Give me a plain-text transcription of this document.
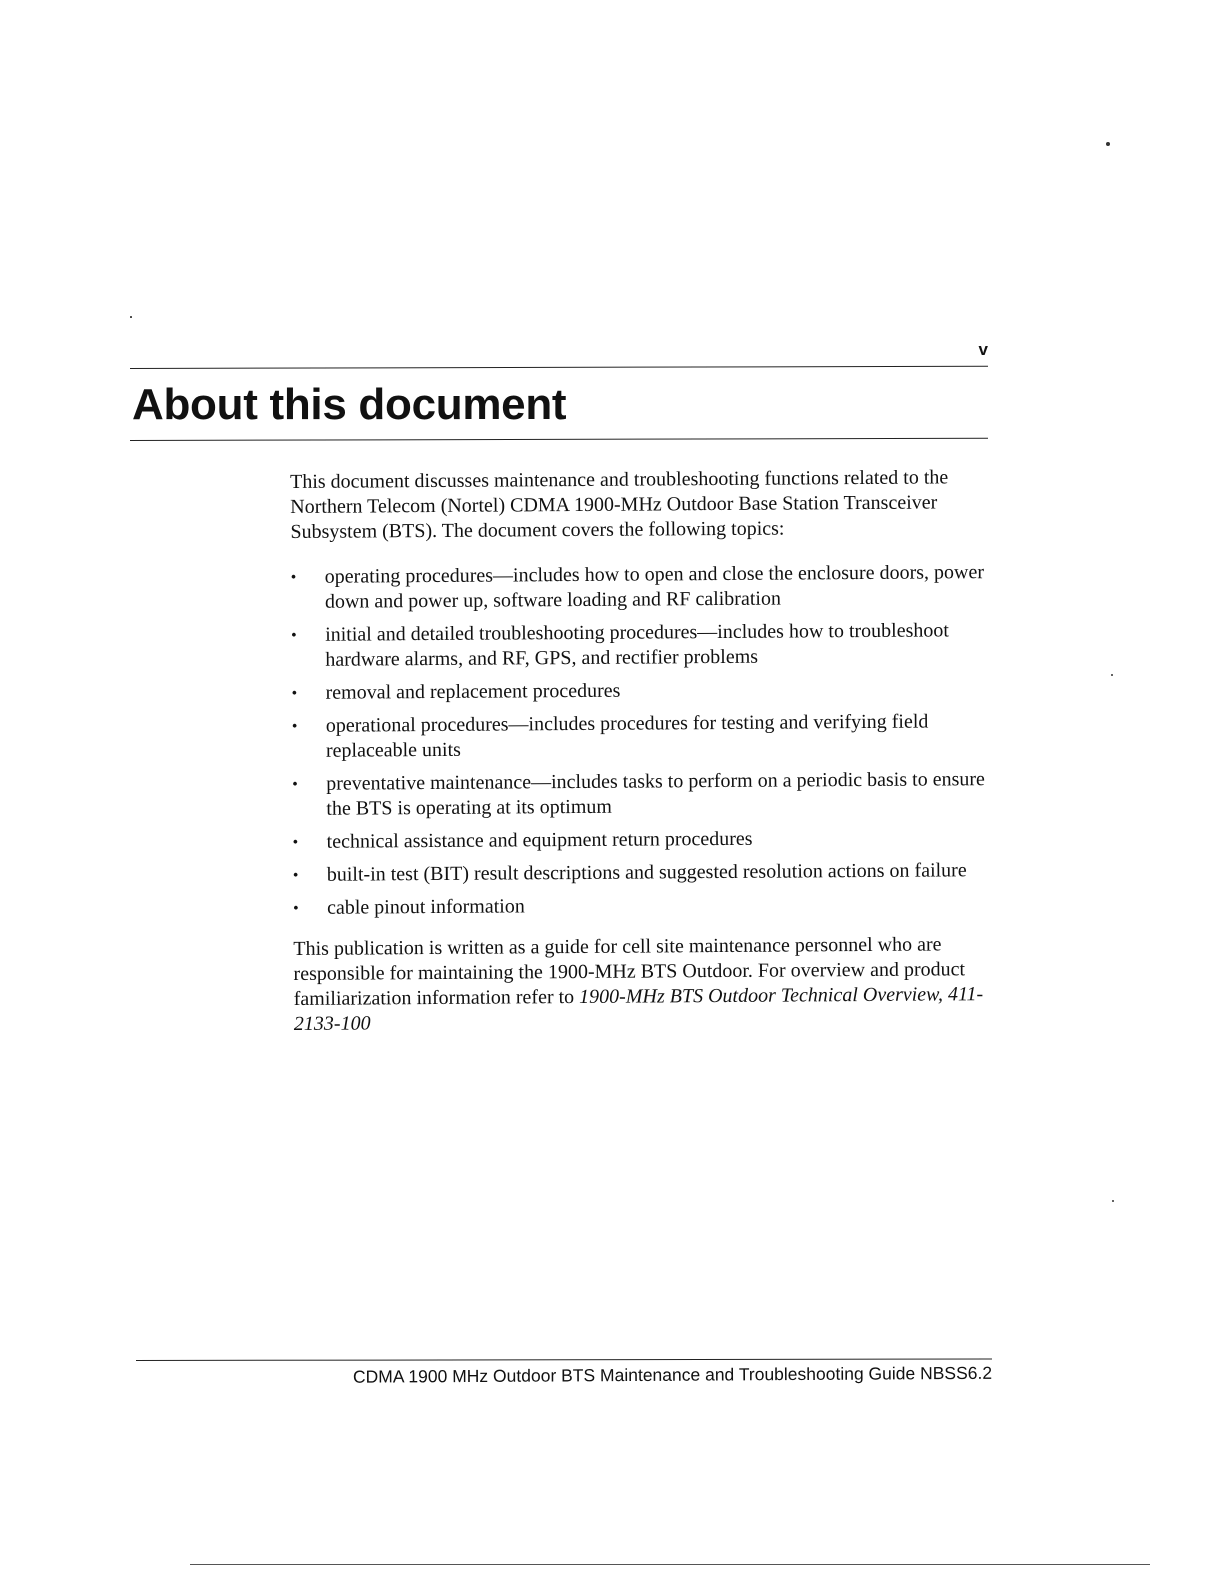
v
About this document

This document discusses maintenance and troubleshooting functions related to the Northern Telecom (Nortel) CDMA 1900-MHz Outdoor Base Station Transceiver Subsystem (BTS). The document covers the following topics:

• operating procedures—includes how to open and close the enclosure doors, power down and power up, software loading and RF calibration
• initial and detailed troubleshooting procedures—includes how to troubleshoot hardware alarms, and RF, GPS, and rectifier problems
• removal and replacement procedures
• operational procedures—includes procedures for testing and verifying field replaceable units
• preventative maintenance—includes tasks to perform on a periodic basis to ensure the BTS is operating at its optimum
• technical assistance and equipment return procedures
• built-in test (BIT) result descriptions and suggested resolution actions on failure
• cable pinout information

This publication is written as a guide for cell site maintenance personnel who are responsible for maintaining the 1900-MHz BTS Outdoor. For overview and product familiarization information refer to 1900-MHz BTS Outdoor Technical Overview, 411-2133-100

CDMA 1900 MHz Outdoor BTS Maintenance and Troubleshooting Guide NBSS6.2
